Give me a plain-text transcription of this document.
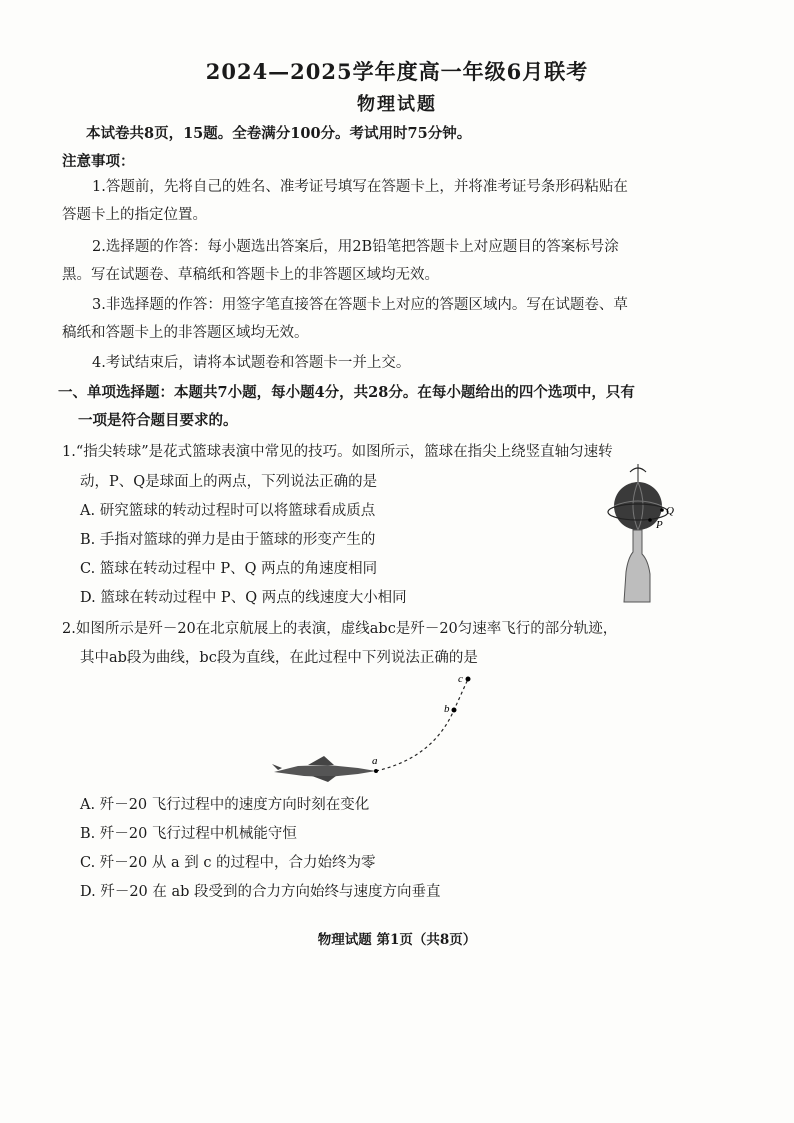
2024—2025学年度高一年级6月联考
物理试题
本试卷共8页，15题。全卷满分100分。考试用时75分钟。
注意事项：
1.答题前，先将自己的姓名、准考证号填写在答题卡上，并将准考证号条形码粘贴在
答题卡上的指定位置。
2.选择题的作答：每小题选出答案后，用2B铅笔把答题卡上对应题目的答案标号涂
黑。写在试题卷、草稿纸和答题卡上的非答题区域均无效。
3.非选择题的作答：用签字笔直接答在答题卡上对应的答题区域内。写在试题卷、草
稿纸和答题卡上的非答题区域均无效。
4.考试结束后，请将本试题卷和答题卡一并上交。
一、单项选择题：本题共7小题，每小题4分，共28分。在每小题给出的四个选项中，只有
一项是符合题目要求的。
1.“指尖转球”是花式篮球表演中常见的技巧。如图所示，篮球在指尖上绕竖直轴匀速转
动，P、Q是球面上的两点，下列说法正确的是
A. 研究篮球的转动过程时可以将篮球看成质点
B. 手指对篮球的弹力是由于篮球的形变产生的
C. 篮球在转动过程中 P、Q 两点的角速度相同
D. 篮球在转动过程中 P、Q 两点的线速度大小相同
Q
P
2.如图所示是歼－20在北京航展上的表演，虚线abc是歼－20匀速率飞行的部分轨迹，
其中ab段为曲线，bc段为直线，在此过程中下列说法正确的是
a
b
c
A. 歼－20 飞行过程中的速度方向时刻在变化
B. 歼－20 飞行过程中机械能守恒
C. 歼－20 从 a 到 c 的过程中，合力始终为零
D. 歼－20 在 ab 段受到的合力方向始终与速度方向垂直
物理试题 第1页（共8页）
